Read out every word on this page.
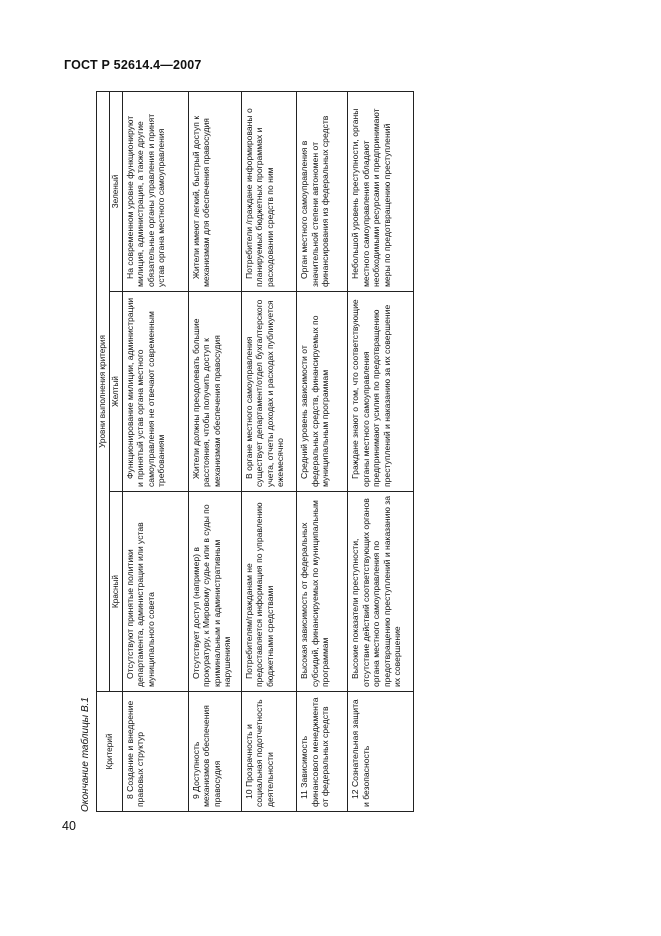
ГОСТ Р 52614.4—2007
Окончание таблицы В.1 Критерий	Уровни выполнения критерия		
	Красный	Желтый	Зеленый
8 Создание и внедрение правовых структур	Отсутствуют принятые политики департамента, администрации или устав муниципального совета	Функционирование милиции, администрации и принятый устав органа местного самоуправления не отвечают современным требованиям	На современном уровне функционируют милиция, администрация, а также другие обязательные органы управления и принят устав органа местного самоуправления
9 Доступность механизмов обеспечения правосудия	Отсутствует доступ (например) в прокуратуру, к Мировому судье или в суды по криминальным и административным нарушениям	Жители должны преодолевать большие расстояния, чтобы получить доступ к механизмам обеспечения правосудия	Жители имеют легкий, быстрый доступ к механизмам для обеспечения правосудия
10 Прозрачность и социальная подотчетность деятельности	Потребителям/гражданам не предоставляется информация по управлению бюджетными средствами	В органе местного самоуправления существует департамент/отдел бухгалтерского учета, отчеты доходах и расходах публикуется ежемесячно	Потребители /граждане информированы о планируемых бюджетных программах и расходовании средств по ним
11 Зависимость финансового менеджмента от федеральных средств	Высокая зависимость от федеральных субсидий, финансируемых по муниципальным программам	Средний уровень зависимости от федеральных средств, финансируемых по муниципальным программам	Орган местного самоуправления в значительной степени автономен от финансирования из федеральных средств
12 Сознательная защита и безопасность	Высокие показатели преступности, отсутствие действий соответствующих органов органа местного самоуправления по предотвращению преступлений и наказанию за их совершение	Граждане знают о том, что соответствующие органы местного самоуправления предпринимают усилия по предотвращению преступлений и наказанию за их совершение	Небольшой уровень преступности, органы местного самоуправления обладают необходимыми ресурсами и предпринимают меры по предотвращению преступлений
40
